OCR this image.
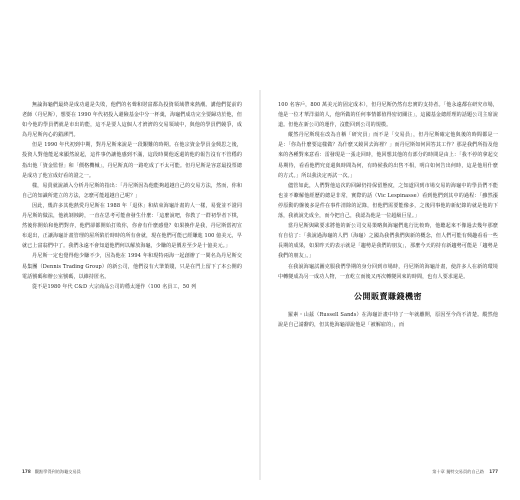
無論海龜們最終是成功還是失敗，他們的名聲和財富都為投資領域帶來熱潮。講他們從前的老師（丹尼斯），想要在 1990 年代初投入避險基金中分一杯羹，海龜們成功完全要歸功於他，但如今他的學員們就是市出的能，這不是要人這個人才濟濟的交易領域中，與他的學員們競爭，成為丹尼斯內心的錯謬門。

但是 1990 年代初到中期，對丹尼斯來說是一段艱難的時期。在他宗資金學員金興思之後，投資人對他能起來顯然說起，這件事仍讓他感到不滿，這段時間他返還的他的報告沒有不管穩的指出他「資金監督」和「價格機械」，丹尼斯真的一路吃成了不太可能。但丹尼斯是容意最投票總是成功了他宣成好看的證之一。

樣，易貴就說讀入分析丹尼斯的指出：「丹尼斯因為他能夠超越自己的交易方法，然而，你和自己的知識所建立的方法，怎麼可能超越自己呢？」

因此，幾許多其他熱愛丹尼斯在 1988 年「退休」和結束海龜計畫的人一樣，易覺並不證同丹尼斯的做法，他就剝蝕跨，一直在思考可能會發生什麼：「這麼說吧，你教了一群初學者下棋，然後你開始和他們對弈，他們卻都開始打敗你，你會有什麼感覺？如果換作是我，丹尼斯當初宣布退出，正讓海龜計畫管理的屋所陷於時時的所有會就，現在他們可能已經賺進 100 億美元，早就已上富翁們中了。我們永遠不會知道他們何以解放海龜，少賺的是價差至少是十億美元。」

丹尼斯一定也覺得他少賺不少，因為他在 1994 年和現特兩海一起創辦了一間名為丹尼斯交易集團（Dennis Trading Group）的新公司，他們沒有大筆策賤，只是在門上留下了本公開的電話號碼和辦公室號碼，以維持匿名。

從不是1980 年代 C&D 大宗商品公司的穩太運作（100 名員工，50 列

178 觀點學得到的海龜交易員

100 名客戶，800 萬美元的固定成本），但丹尼斯仍然有忠實的支持者。「他永遠都在研究市場，他是一位才華洋溢的人，他所做的任何事情都值得密切關注」，這國基金總經理的話題公司主席說道。但他在新公司的運作，沒能回到公司的規模。

縱然丹尼斯現在改為自稱「研究員」而不是「交易員」，但丹尼斯確定他與後的時間都是一是：「你為什麼要這樣做？為什麼又鏡回去海裡？」而丹尼斯如何回答其工作？那是我們所指及他來的各種對來意看：雷發現是一張走回時，他回想其他的有部分的時間是由上：「我不停的拿起交易期待，看看他們究竟還與時間為何，有時候我的出售不相，明白如何告出何時，這是他用什麼的方式。」所以我決定再試一次。」

儘管如此，人們對他這次的回歸仍持保留態度，之知道回到市場交易的海龜中的學員們不能也並不瞭解他經歷的總是非常，實際的話（Vic Lespinasse）看到他們到其中的過程：「雖然漲停原動的盤後多是件在事件清除的記錄，但他們需要能像多，之後同事他的新紀錄的就是他的下落，我就說先成全，而今把自己，我認為他是一位超級巨星。」

當丹尼斯與歐要求將他的新公司交易策略與海龜們進行比較時，他聽起來不像過去幾年那麼有自信了：「我說過海龜的人們（海龜）之國為我們我們與新的概念，但人們可能有興趣看看一些長期的成果，如果昨天的表示就是「趨勢是我們的朋友」，那麼今天的持有新趨勢可能是「趨勢是我們的朋友」。」

在我說海龜試圖克服我們學期的身分回到市場時，丹尼斯的海龜計畫，使許多人在新的環境中轉變成為另一成功人物，一直屹立而後又再次轉變回來的時間，也有人要求還是。

公開販賣賺錢機密

羅素・山茲（Russell Sands）在海龜計畫中待了一年就離開，原因至今尚不清楚。縱然他說是自己請辭的，但其他海龜卻說他是「被解雇的」，而

第十章 獨特交易員的自己路 177
